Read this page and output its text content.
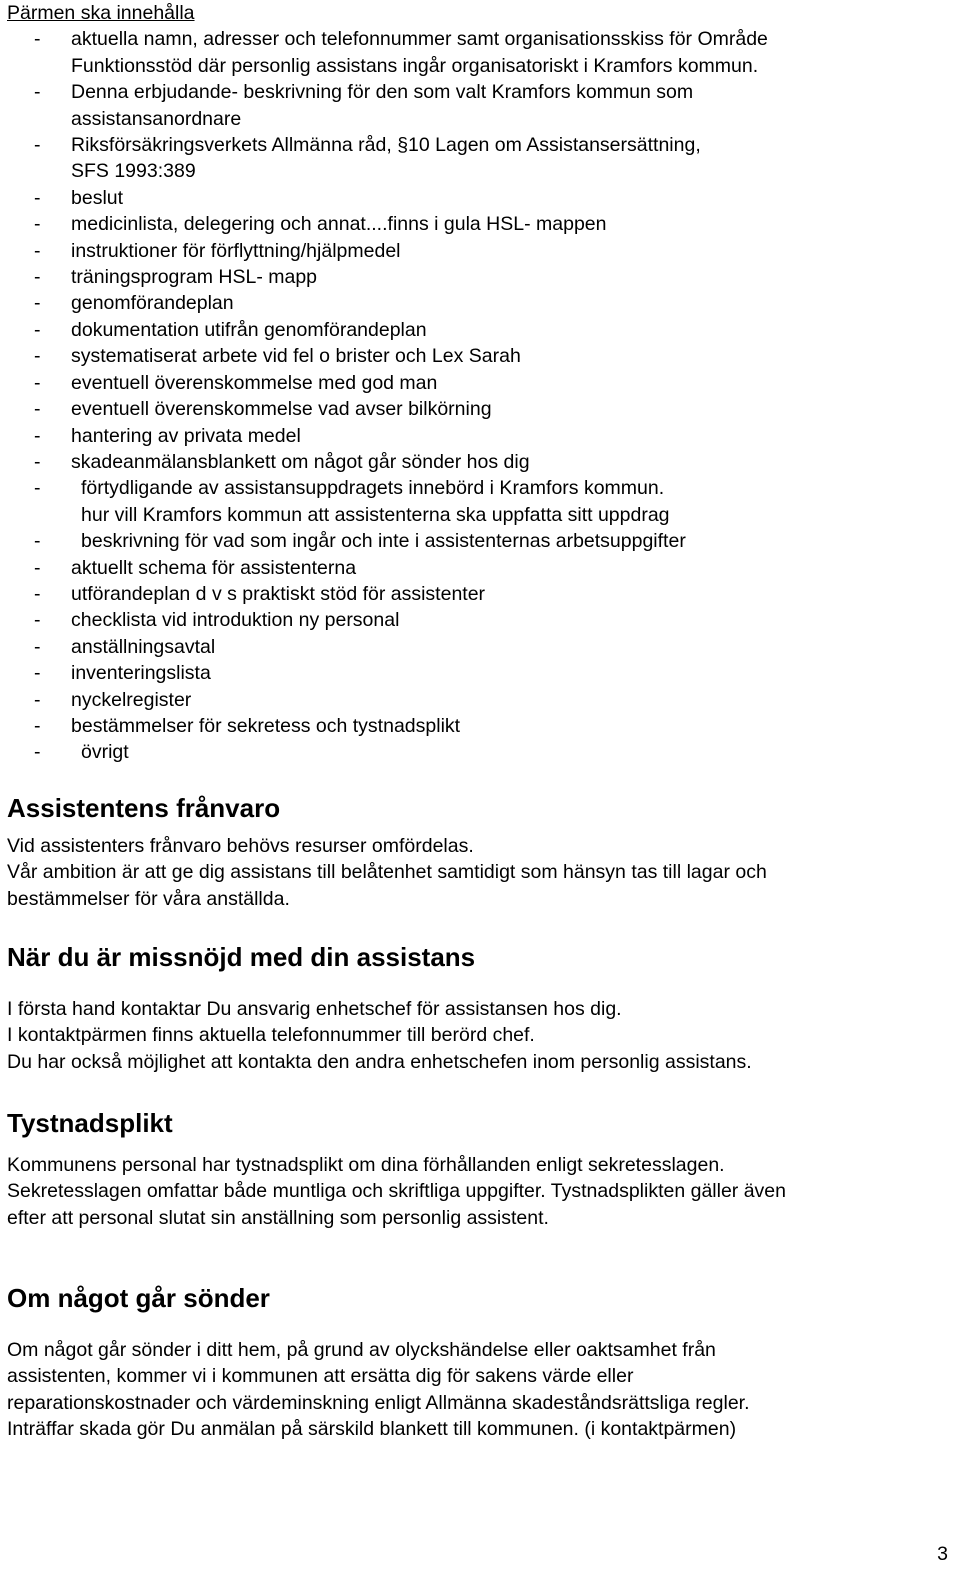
Pärmen ska innehålla

-	aktuella namn, adresser och telefonnummer samt organisationsskiss för Område
Funktionsstöd där personlig assistans ingår organisatoriskt i Kramfors kommun.
-	Denna erbjudande- beskrivning för den som valt Kramfors kommun som
assistansanordnare
-	Riksförsäkringsverkets Allmänna råd, §10 Lagen om Assistansersättning,
SFS 1993:389
-	beslut
-	medicinlista, delegering och annat....finns i gula HSL- mappen
-	instruktioner för förflyttning/hjälpmedel
-	träningsprogram HSL- mapp
-	genomförandeplan
-	dokumentation utifrån genomförandeplan
-	systematiserat arbete vid fel o brister och Lex Sarah
-	eventuell överenskommelse med god man
-	eventuell överenskommelse vad avser bilkörning
-	hantering av privata medel
-	skadeanmälansblankett om något går sönder hos dig
-	förtydligande av assistansuppdragets innebörd i Kramfors kommun.
hur vill Kramfors kommun att assistenterna ska uppfatta sitt uppdrag
-	beskrivning för vad som ingår och inte i assistenternas arbetsuppgifter
-	aktuellt schema för assistenterna
-	utförandeplan d v s praktiskt stöd för assistenter
-	checklista vid introduktion ny personal
-	anställningsavtal
-	inventeringslista
-	nyckelregister
-	bestämmelser för sekretess och tystnadsplikt
-	övrigt
Assistentens frånvaro

Vid assistenters frånvaro behövs resurser omfördelas.

Vår ambition är att ge dig assistans till belåtenhet samtidigt som hänsyn tas till lagar och

bestämmelser för våra anställda.

När du är missnöjd med din assistans

I första hand kontaktar Du ansvarig enhetschef för assistansen hos dig.

I kontaktpärmen finns aktuella telefonnummer till berörd chef.

Du har också möjlighet att kontakta den andra enhetschefen inom personlig assistans.

Tystnadsplikt

Kommunens personal har tystnadsplikt om dina förhållanden enligt sekretesslagen.

Sekretesslagen omfattar både muntliga och skriftliga uppgifter. Tystnadsplikten gäller även

efter att personal slutat sin anställning som personlig assistent.

Om något går sönder

Om något går sönder i ditt hem, på grund av olyckshändelse eller oaktsamhet från

assistenten, kommer vi i kommunen att ersätta dig för sakens värde eller

reparationskostnader och värdeminskning enligt Allmänna skadeståndsrättsliga regler.

Inträffar skada gör Du anmälan på särskild blankett till kommunen. (i kontaktpärmen)

3
